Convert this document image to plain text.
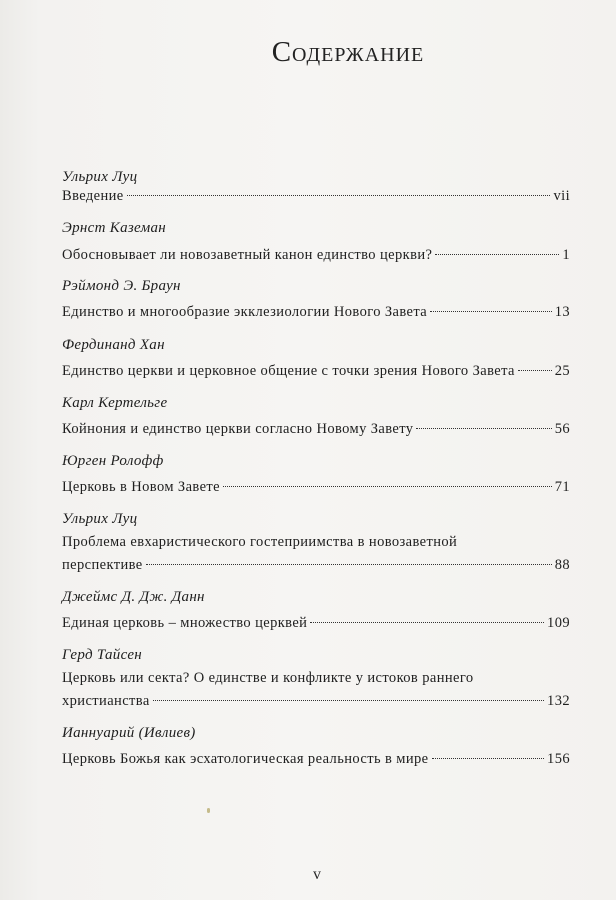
Содержание
Ульрих Луц
Введение	vii
Эрнст Каземан
Обосновывает ли новозаветный канон единство церкви?	1
Рэймонд Э. Браун
Единство и многообразие экклезиологии Нового Завета	13
Фердинанд Хан
Единство церкви и церковное общение с точки зрения Нового Завета	25
Карл Кертельге
Койнония и единство церкви согласно Новому Завету	56
Юрген Ролофф
Церковь в Новом Завете	71
Ульрих Луц
Проблема евхаристического гостеприимства в новозаветной
перспективе	88
Джеймс Д. Дж. Данн
Единая церковь – множество церквей	109
Герд Тайсен
Церковь или секта? О единстве и конфликте у истоков раннего
христианства	132
Ианнуарий (Ивлиев)
Церковь Божья как эсхатологическая реальность в мире	156
v
